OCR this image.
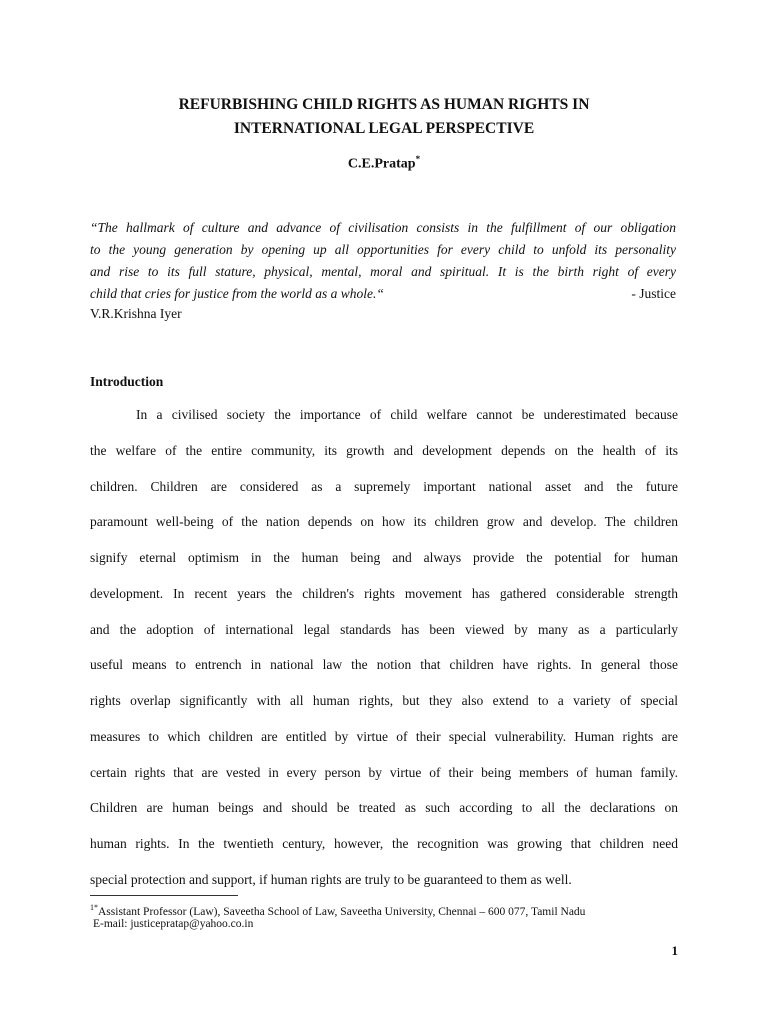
REFURBISHING CHILD RIGHTS AS HUMAN RIGHTS IN
INTERNATIONAL LEGAL PERSPECTIVE
C.E.Pratap*
“The hallmark of culture and advance of civilisation consists in the fulfillment of our obligation
to the young generation by opening up all opportunities for every child to unfold its personality
and rise to its full stature, physical, mental, moral and spiritual. It is the birth right of every
child that cries for justice from the world as a whole.“	- Justice
V.R.Krishna Iyer
Introduction
In a civilised society the importance of child welfare cannot be underestimated because
the welfare of the entire community, its growth and development depends on the health of its
children. Children are considered as a supremely important national asset and the future
paramount well-being of the nation depends on how its children grow and develop. The children
signify eternal optimism in the human being and always provide the potential for human
development. In recent years the children's rights movement has gathered considerable strength
and the adoption of international legal standards has been viewed by many as a particularly
useful means to entrench in national law the notion that children have rights. In general those
rights overlap significantly with all human rights, but they also extend to a variety of special
measures to which children are entitled by virtue of their special vulnerability. Human rights are
certain rights that are vested in every person by virtue of their being members of human family.
Children are human beings and should be treated as such according to all the declarations on
human rights. In the twentieth century, however, the recognition was growing that children need
special protection and support, if human rights are truly to be guaranteed to them as well.
$^{1*}$Assistant Professor (Law), Saveetha School of Law, Saveetha University, Chennai – 600 077, Tamil Nadu
E-mail: justicepratap@yahoo.co.in
1
